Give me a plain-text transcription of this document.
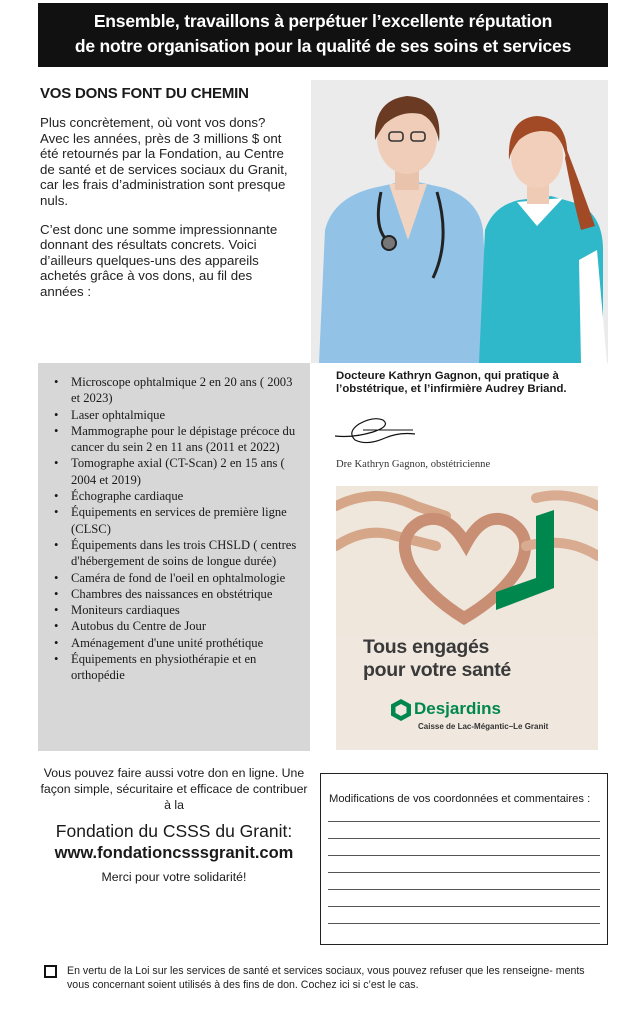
Ensemble, travaillons à perpétuer l’excellente réputation
de notre organisation pour la qualité de ses soins et services
VOS DONS FONT DU CHEMIN

Plus concrètement, où vont vos dons? Avec les années, près de 3 millions $ ont été retournés par la Fondation, au Centre de santé et de services sociaux du Granit, car les frais d’administration sont presque nuls.

C’est donc une somme impressionnante donnant des résultats concrets. Voici d’ailleurs quelques-uns des appareils achetés grâce à vos dons, au fil des années :

• Microscope ophtalmique 2 en 20 ans ( 2003 et 2023)
• Laser ophtalmique
• Mammographe pour le dépistage précoce du cancer du sein 2 en 11 ans (2011 et 2022)
• Tomographe axial (CT-Scan) 2 en 15 ans ( 2004 et 2019)
• Échographe cardiaque
• Équipements en services de première ligne (CLSC)
• Équipements dans les trois CHSLD ( centres d'hébergement de soins de longue durée)
• Caméra de fond de l'oeil en ophtalmologie
• Chambres des naissances en obstétrique
• Moniteurs cardiaques
• Autobus du Centre de Jour
• Aménagement d'une unité prothétique
• Équipements en physiothérapie et en orthopédie
Docteure Kathryn Gagnon, qui pratique à l’obstétrique, et l’infirmière Audrey Briand.
Dre Kathryn Gagnon, obstétricienne
Tous engagés
pour votre santé
Desjardins
Caisse de Lac-Mégantic–Le Granit
Vous pouvez faire aussi votre don en ligne. Une façon simple, sécuritaire et efficace de contribuer à la
Fondation du CSSS du Granit:
www.fondationcsssgranit.com
Merci pour votre solidarité!
Modifications de vos coordonnées et commentaires :
En vertu de la Loi sur les services de santé et services sociaux, vous pouvez refuser que les renseigne- ments vous concernant soient utilisés à des fins de don. Cochez ici si c’est le cas.
